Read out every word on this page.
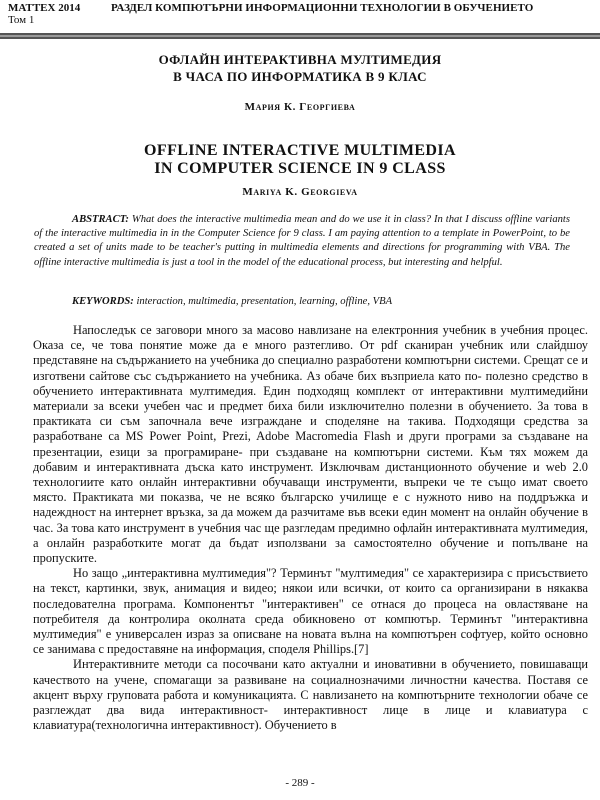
MATTEX 2014
Том 1
РАЗДЕЛ КОМПЮТЪРНИ ИНФОРМАЦИОННИ ТЕХНОЛОГИИ В ОБУЧЕНИЕТО
ОФЛАЙН ИНТЕРАКТИВНА МУЛТИМЕДИЯ
В ЧАСА ПО ИНФОРМАТИКА В 9 КЛАС
Мария К. Георгиева
OFFLINE INTERACTIVE MULTIMEDIA
IN COMPUTER SCIENCE IN 9 CLASS
Mariya K. Georgieva
ABSTRACT: What does the interactive multimedia mean and do we use it in class? In that I discuss offline variants of the interactive multimedia in in the Computer Science for 9 class. I am paying attention to a template in PowerPoint, to be created a set of units made to be teacher's putting in multimedia elements and directions for programming with VBA. The offline interactive multimedia is just a tool in the model of the educational process, but interesting and helpful.
KEYWORDS: interaction, multimedia, presentation, learning, offline, VBA

Напоследък се заговори много за масово навлизане на електронния учебник в учебния процес. Оказа се, че това понятие може да е много разтегливо. От pdf сканиран учебник или слайдшоу представяне на съдържанието на учебника до специално разработени компютърни системи. Срещат се и изготвени сайтове със съдържанието на учебника. Аз обаче бих възприела като по- полезно средство в обучението интерактивната мултимедия. Един подходящ комплект от интерактивни мултимедийни материали за всеки учебен час и предмет биха били изключително полезни в обучението. За това в практиката си съм започнала вече изграждане и споделяне на такива. Подходящи средства за разработване са MS Power Point, Prezi, Adobe Macromedia Flash и други програми за създаване на презентации, езици за програмиране- при създаване на компютърни системи. Към тях можем да добавим и интерактивната дъска като инструмент. Изключвам дистанционното обучение и web 2.0 технологиите като онлайн интерактивни обучаващи инструменти, въпреки че те също имат своето място. Практиката ми показва, че не всяко българско училище е с нужното ниво на поддръжка и надеждност на интернет връзка, за да можем да разчитаме във всеки един момент на онлайн обучение в час. За това като инструмент в учебния час ще разгледам предимно офлайн интерактивната мултимедия, а онлайн разработките могат да бъдат използвани за самостоятелно обучение и попълване на пропуските.

Но защо „интерактивна мултимедия"? Терминът "мултимедия" се характеризира с присъствието на текст, картинки, звук, анимация и видео; някои или всички, от които са организирани в някаква последователна програма. Компонентът "интерактивен" се отнася до процеса на овластяване на потребителя да контролира околната среда обикновено от компютър. Терминът "интерактивна мултимедия" е универсален израз за описване на новата вълна на компютърен софтуер, който основно се занимава с предоставяне на информация, споделя Phillips.[7]

Интерактивните методи са посочвани като актуални и иновативни в обучението, повишаващи качеството на учене, спомагащи за развиване на социалнозначими личностни качества. Поставя се акцент върху груповата работа и комуникацията. С навлизането на компютърните технологии обаче се разглеждат два вида интерактивност- интерактивност лице в лице и клавиатура с клавиатура(технологична интерактивност). Обучението в

- 289 -
